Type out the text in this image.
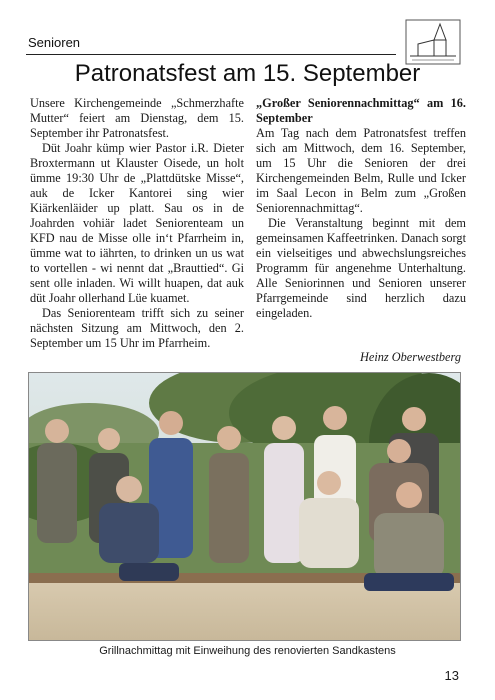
Senioren
Patronatsfest am 15. September

Unsere Kirchengemeinde „Schmerzhafte Mutter“ feiert am Dienstag, dem 15. September ihr Patronatsfest.

Düt Joahr kümp wier Pastor i.R. Dieter Broxtermann ut Klauster Oisede, un holt ümme 19:30 Uhr de „Plattdütske Misse“, auk de Icker Kantorei sing wier Kiärkenläider up platt. Sau os in de Joahrden vohiär ladet Seniorenteam un KFD nau de Misse olle in‘t Pfarrheim in, ümme wat to iährten, to drinken un us wat to vortellen - wi nennt dat „Brauttied“. Gi sent olle inladen. Wi willt huapen, dat auk düt Joahr ollerhand Lüe kuamet.

Das Seniorenteam trifft sich zu seiner nächsten Sitzung am Mittwoch, den 2. September um 15 Uhr im Pfarrheim.

„Großer Seniorennachmittag“ am 16. September

Am Tag nach dem Patronatsfest treffen sich am Mittwoch, dem 16. September, um 15 Uhr die Senioren der drei Kirchengemeinden Belm, Rulle und Icker im Saal Lecon in Belm zum „Großen Seniorennachmittag“.

Die Veranstaltung beginnt mit dem gemeinsamen Kaffeetrinken. Danach sorgt ein vielseitiges und abwechslungsreiches Programm für angenehme Unterhaltung. Alle Seniorinnen und Senioren unserer Pfarrgemeinde sind herzlich dazu eingeladen.

Heinz Oberwestberg
Grillnachmittag mit Einweihung des renovierten Sandkastens
13
